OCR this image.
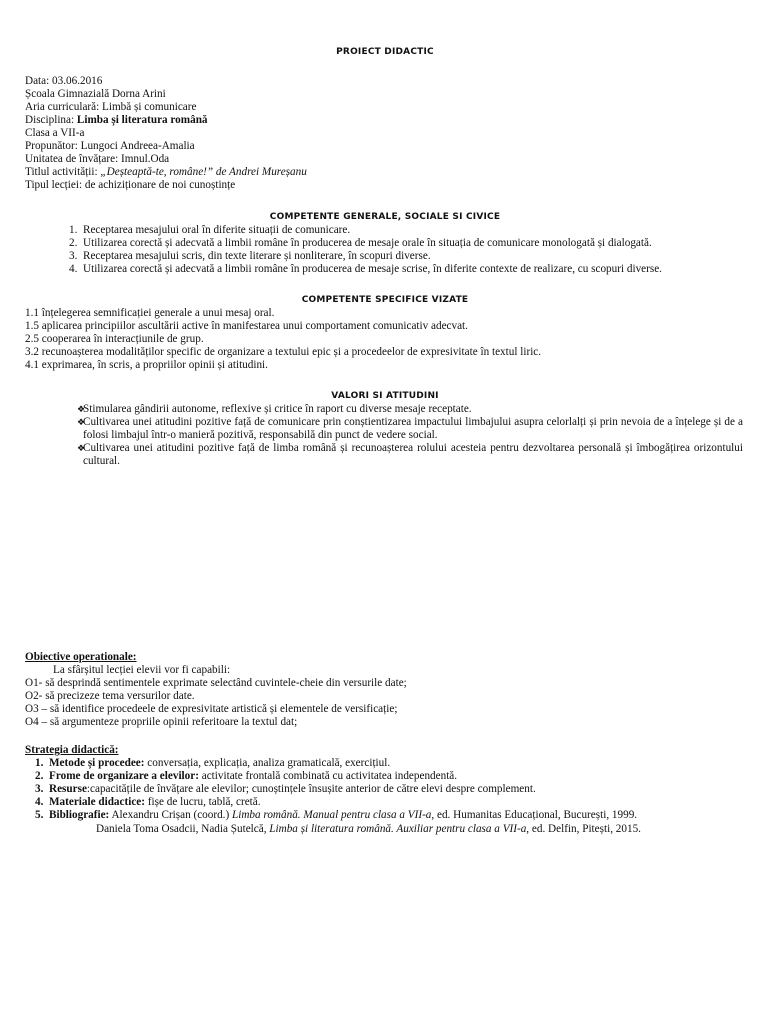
PROIECT DIDACTIC
Data: 03.06.2016
Școala Gimnazială Dorna Arini
Aria curriculară: Limbă și comunicare
Disciplina: Limba și literatura română
Clasa a VII-a
Propunător: Lungoci Andreea-Amalia
Unitatea de învățare: Imnul.Oda
Titlul activității: „Deșteaptă-te, române!” de Andrei Mureșanu
Tipul lecției: de achiziționare de noi cunoștințe
COMPETENTE GENERALE, SOCIALE SI CIVICE
1. Receptarea mesajului oral în diferite situații de comunicare.
2. Utilizarea corectă și adecvată a limbii române în producerea de mesaje orale în situația de comunicare monologată și dialogată.
3. Receptarea mesajului scris, din texte literare și nonliterare, în scopuri diverse.
4. Utilizarea corectă și adecvată a limbii române în producerea de mesaje scrise, în diferite contexte de realizare, cu scopuri diverse.
COMPETENTE SPECIFICE VIZATE
1.1 înțelegerea semnificației generale a unui mesaj oral.
1.5 aplicarea principiilor ascultării active în manifestarea unui comportament comunicativ adecvat.
2.5 cooperarea în interacțiunile de grup.
3.2 recunoașterea modalităților specific de organizare a textului epic și a procedeelor de expresivitate în textul liric.
4.1 exprimarea, în scris, a propriilor opinii și atitudini.
VALORI SI ATITUDINI
❖
Stimularea gândirii autonome, reflexive și critice în raport cu diverse mesaje receptate.
❖
Cultivarea unei atitudini pozitive față de comunicare prin conștientizarea impactului limbajului asupra celorlalți și prin nevoia de a înțelege și de a folosi limbajul într-o manieră pozitivă, responsabilă din punct de vedere social.
❖
Cultivarea unei atitudini pozitive față de limba română și recunoașterea rolului acesteia pentru dezvoltarea personală și îmbogățirea orizontului cultural.
Obiective operationale:
La sfârșitul lecției elevii vor fi capabili:
O1- să desprindă sentimentele exprimate selectând cuvintele-cheie din versurile date;
O2- să precizeze tema versurilor date.
O3 – să identifice procedeele de expresivitate artistică și elementele de versificație;
O4 – să argumenteze propriile opinii referitoare la textul dat;
Strategia didactică:
1. Metode și procedee: conversația, explicația, analiza gramaticală, exercițiul.
2. Frome de organizare a elevilor: activitate frontală combinată cu activitatea independentă.
3. Resurse:capacitățile de învățare ale elevilor; cunoștințele însușite anterior de către elevi despre complement.
4. Materiale didactice: fișe de lucru, tablă, cretă.
5. Bibliografie: Alexandru Crișan (coord.) Limba română. Manual pentru clasa a VII-a, ed. Humanitas Educațional, București, 1999.
Daniela Toma Osadcii, Nadia Șutelcă, Limba și literatura română. Auxiliar pentru clasa a VII-a, ed. Delfin, Pitești, 2015.
